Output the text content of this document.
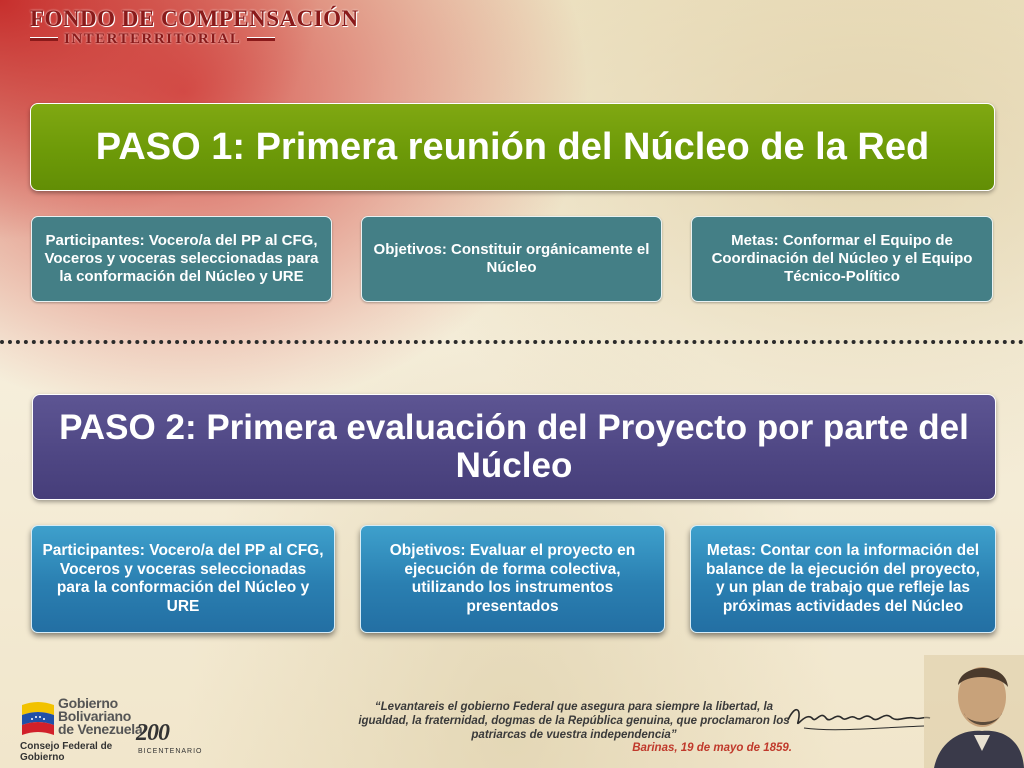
FONDO DE COMPENSACIÓN
INTERTERRITORIAL
PASO 1: Primera reunión del Núcleo de la Red
Participantes: Vocero/a del PP al CFG, Voceros y voceras seleccionadas para la conformación del Núcleo y URE
Objetivos: Constituir orgánicamente el Núcleo
Metas: Conformar el Equipo de Coordinación del Núcleo y el Equipo Técnico-Político
PASO 2: Primera evaluación del Proyecto por parte del Núcleo
Participantes: Vocero/a del PP al CFG, Voceros y voceras seleccionadas para la conformación del Núcleo y URE
Objetivos: Evaluar el proyecto en ejecución de forma colectiva, utilizando los instrumentos presentados
Metas: Contar con la información del balance de la ejecución del proyecto, y un plan de trabajo que refleje las próximas actividades del Núcleo
Gobierno
Bolivariano
de Venezuela
Consejo Federal de
Gobierno
200
BICENTENARIO
“Levantareis el gobierno Federal que asegura para siempre la libertad, la igualdad, la fraternidad, dogmas de la República genuina, que proclamaron los patriarcas de vuestra independencia”
Barinas, 19 de mayo de 1859.
